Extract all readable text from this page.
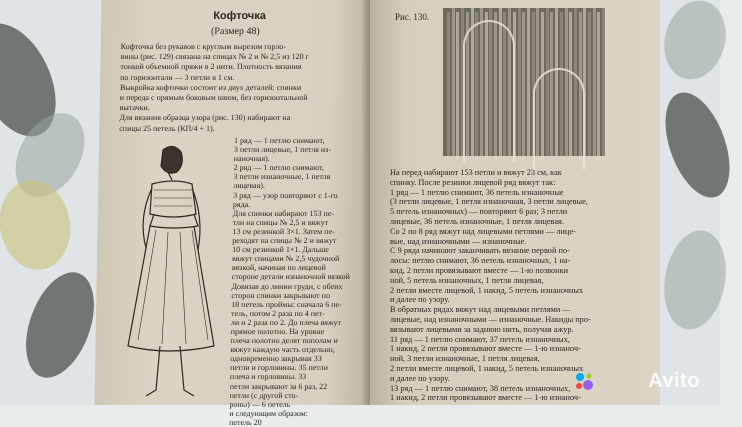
Кофточка
(Размер 48)
Кофточка без рукавов с круглым вырезом горло-
вины (рис. 129) связана на спицах № 2 и № 2,5 из 120 г
тонкой объемной пряжи в 2 нити. Плотность вязания
по горизонтали — 3 петли в 1 см.
Выкройка кофточки состоит из двух деталей: спинки
и переда с прямым боковым швом, без горизонтальной
вытачки.
Для вязания образца узора (рис. 130) набирают на
спицы 25 петель (КП/4 + 1).
1 ряд — 1 петлю снимают,
3 петли лицевые, 1 петля из-
наночная).
2 ряд — 1 петлю снимают,
3 петли изнаночные, 1 петля
лицевая).
3 ряд — узор повторяют с 1-го
ряда.
Для спинки набирают 153 пе-
тли на спицы № 2,5 и вяжут
13 см резинкой 3×1. Затем пе-
реходят на спицы № 2 и вяжут
10 см резинкой 1×1. Дальше
вяжут спицами № 2,5 чудочной
вязкой, начиная по лицевой
стороне детали изнаночной вязкой
Довязав до линии груди, с обеих
сторон спинки закрывают по
18 петель проймы: сначала 6 пе-
тель, потом 2 раза по 4 пет-
ли и 2 раза по 2. До плеча вяжут
прямое полотно. На уровне
плеча полотно делят пополам и
вяжут каждую часть отдельно,
одновременно закрывая 33
петли и горловины. 35 петли
плеча и горловины. 33
петли закрывают за 6 раз, 22
петли (с другой сто-
роны) — 6 петель
и следующим образом:
петель 20
Рис. 130.
На перед набирают 153 петли и вяжут 23 см, как
спинку. После резинки лицевой ряд вяжут так:
1 ряд — 1 петлю снимают, 36 петель изнаночные
(3 петли лицевые, 1 петля изнаночная, 3 петли лицевые,
5 петель изнаночных) — повторяют 6 раз; 3 петли
лицевые, 36 петель изнаночные, 1 петля лицевая.
Со 2 по 8 ряд вяжут над лицевыми петлями — лице-
вые, над изнаночными — изнаночные.
С 9 ряда начинают заканчивать вязание первой по-
лосы: петлю снимают, 36 петель изнаночных, 1 на-
кид, 2 петли провязывают вместе — 1-ю позвонки
ной, 5 петель изнаночных, 1 петля лицевая,
2 петли вместе лицевой, 1 накид, 5 петель изнаночных
и далее по узору.
В обратных рядах вяжут над лицевыми петлями —
лицевые, над изнаночными — изнаночные. Накиды про-
вязывают лицевыми за заднюю нить, получая ажур.
11 ряд — 1 петлю снимают, 37 петель изнаночных,
1 накид, 2 петли провязывают вместе — 1-ю изнаноч-
ной, 3 петли изнаночные, 1 петля лицевая,
2 петли вместе лицевой, 1 накид, 5 петель изнаночных
и далее по узору.
13 ряд — 1 петлю снимают, 38 петель изнаночных,
1 накид, 2 петли провязывают вместе — 1-ю изнаноч-
Avito
